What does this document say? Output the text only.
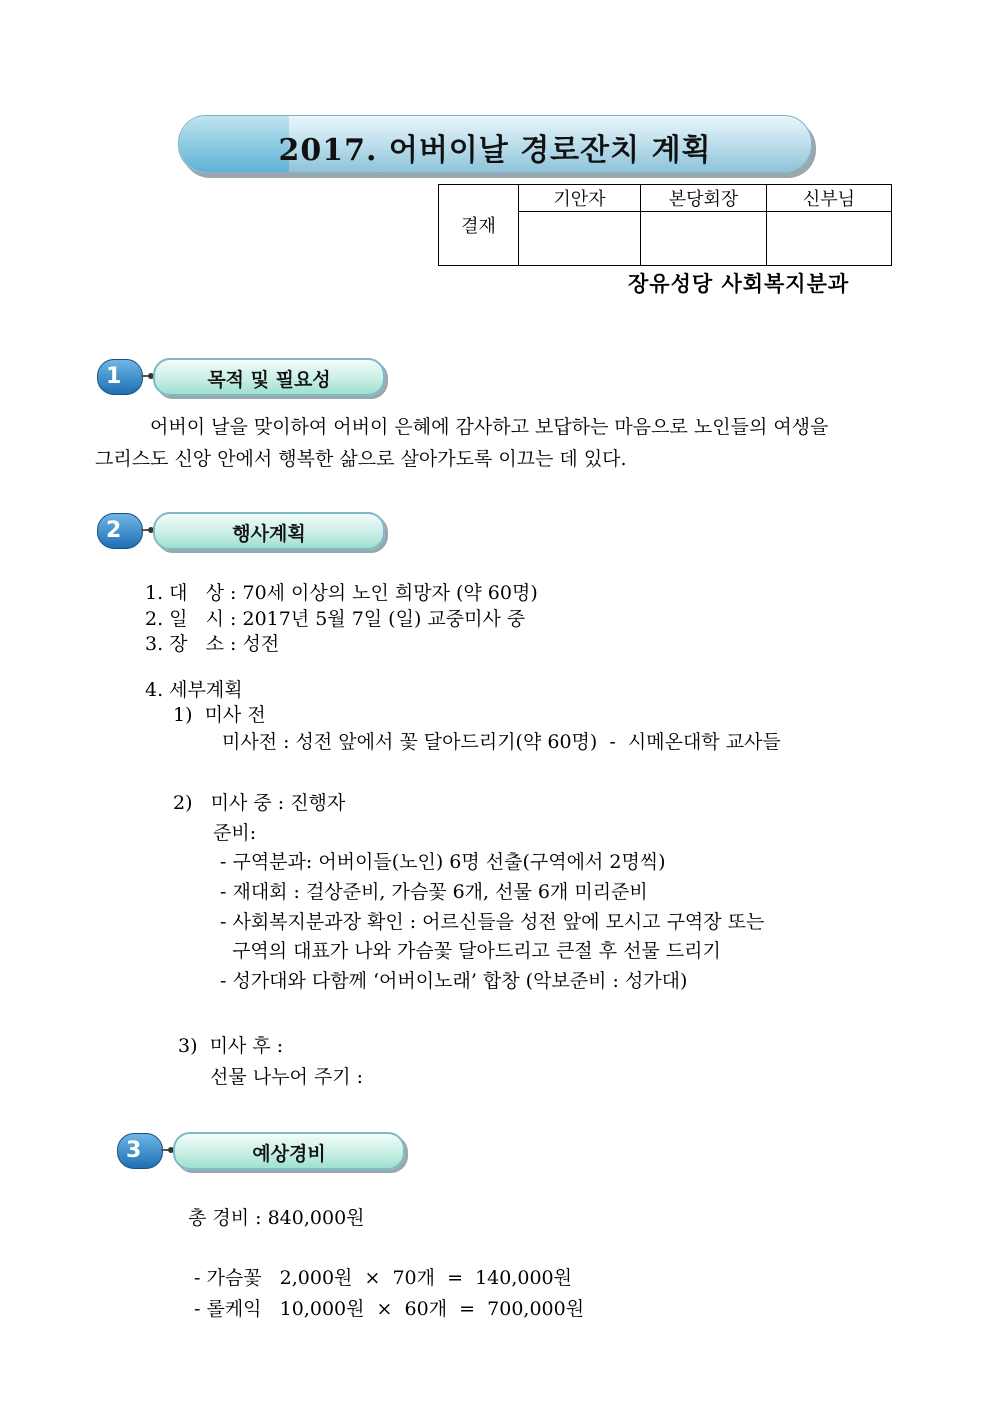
2017. 어버이날 경로잔치 계획
결재	기안자	본당회장	신부님

장유성당 사회복지분과
1	목적 및 필요성
어버이 날을 맞이하여 어버이 은혜에 감사하고 보답하는 마음으로 노인들의 여생을
그리스도 신앙 안에서 행복한 삶으로 살아가도록 이끄는 데 있다.
2	행사계획
1. 대   상 : 70세 이상의 노인 희망자 (약 60명)
2. 일   시 : 2017년 5월 7일 (일) 교중미사 중
3. 장   소 : 성전
4. 세부계획
1)  미사 전
미사전 : 성전 앞에서 꽃 달아드리기(약 60명)  -  시메온대학 교사들
2)   미사 중 : 진행자
준비:
- 구역분과: 어버이들(노인) 6명 선출(구역에서 2명씩)
- 재대회 : 걸상준비, 가슴꽃 6개, 선물 6개 미리준비
- 사회복지분과장 확인 : 어르신들을 성전 앞에 모시고 구역장 또는
구역의 대표가 나와 가슴꽃 달아드리고 큰절 후 선물 드리기
- 성가대와 다함께 ‘어버이노래’ 합창 (악보준비 : 성가대)
3)  미사 후 :
선물 나누어 주기 :
3	예상경비
총 경비 : 840,000원
- 가슴꽃   2,000원  ×  70개  =  140,000원
- 롤케익   10,000원  ×  60개  =  700,000원
